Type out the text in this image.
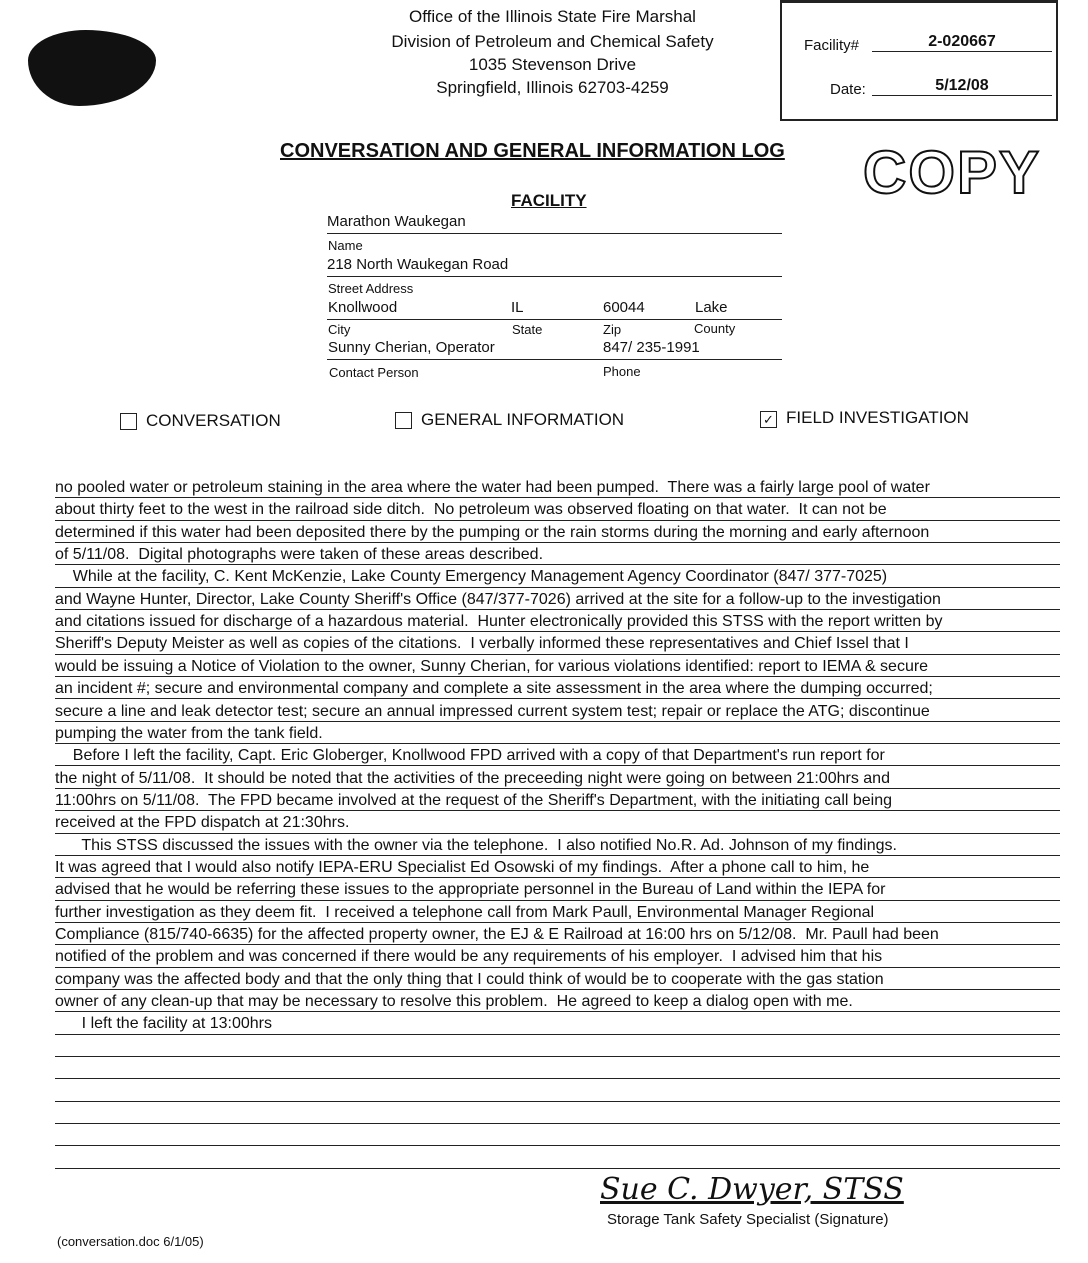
Office of the Illinois State Fire Marshal
Division of Petroleum and Chemical Safety
1035 Stevenson Drive
Springfield, Illinois 62703-4259
Facility#	2-020667
Date:	5/12/08
CONVERSATION AND GENERAL INFORMATION LOG COPY
FACILITY
Marathon Waukegan
Name
218 North Waukegan Road
Street Address
Knollwood	IL	60044	Lake
City	State	Zip	County
Sunny Cherian, Operator	847/ 235-1991
Contact Person	Phone
CONVERSATION	GENERAL INFORMATION	✓ FIELD INVESTIGATION
no pooled water or petroleum staining in the area where the water had been pumped.  There was a fairly large pool of water
about thirty feet to the west in the railroad side ditch.  No petroleum was observed floating on that water.  It can not be
determined if this water had been deposited there by the pumping or the rain storms during the morning and early afternoon
of 5/11/08.  Digital photographs were taken of these areas described.
While at the facility, C. Kent McKenzie, Lake County Emergency Management Agency Coordinator (847/ 377-7025)
and Wayne Hunter, Director, Lake County Sheriff's Office (847/377-7026) arrived at the site for a follow-up to the investigation
and citations issued for discharge of a hazardous material.  Hunter electronically provided this STSS with the report written by
Sheriff's Deputy Meister as well as copies of the citations.  I verbally informed these representatives and Chief Issel that I
would be issuing a Notice of Violation to the owner, Sunny Cherian, for various violations identified: report to IEMA & secure
an incident #; secure and environmental company and complete a site assessment in the area where the dumping occurred;
secure a line and leak detector test; secure an annual impressed current system test; repair or replace the ATG; discontinue
pumping the water from the tank field.
Before I left the facility, Capt. Eric Globerger, Knollwood FPD arrived with a copy of that Department's run report for
the night of 5/11/08.  It should be noted that the activities of the preceeding night were going on between 21:00hrs and
11:00hrs on 5/11/08.  The FPD became involved at the request of the Sheriff's Department, with the initiating call being
received at the FPD dispatch at 21:30hrs.
This STSS discussed the issues with the owner via the telephone.  I also notified No.R. Ad. Johnson of my findings.
It was agreed that I would also notify IEPA-ERU Specialist Ed Osowski of my findings.  After a phone call to him, he
advised that he would be referring these issues to the appropriate personnel in the Bureau of Land within the IEPA for
further investigation as they deem fit.  I received a telephone call from Mark Paull, Environmental Manager Regional
Compliance (815/740-6635) for the affected property owner, the EJ & E Railroad at 16:00 hrs on 5/12/08.  Mr. Paull had been
notified of the problem and was concerned if there would be any requirements of his employer.  I advised him that his
company was the affected body and that the only thing that I could think of would be to cooperate with the gas station
owner of any clean-up that may be necessary to resolve this problem.  He agreed to keep a dialog open with me.
I left the facility at 13:00hrs
Sue C. Dwyer, STSS
Storage Tank Safety Specialist (Signature)
(conversation.doc 6/1/05)
